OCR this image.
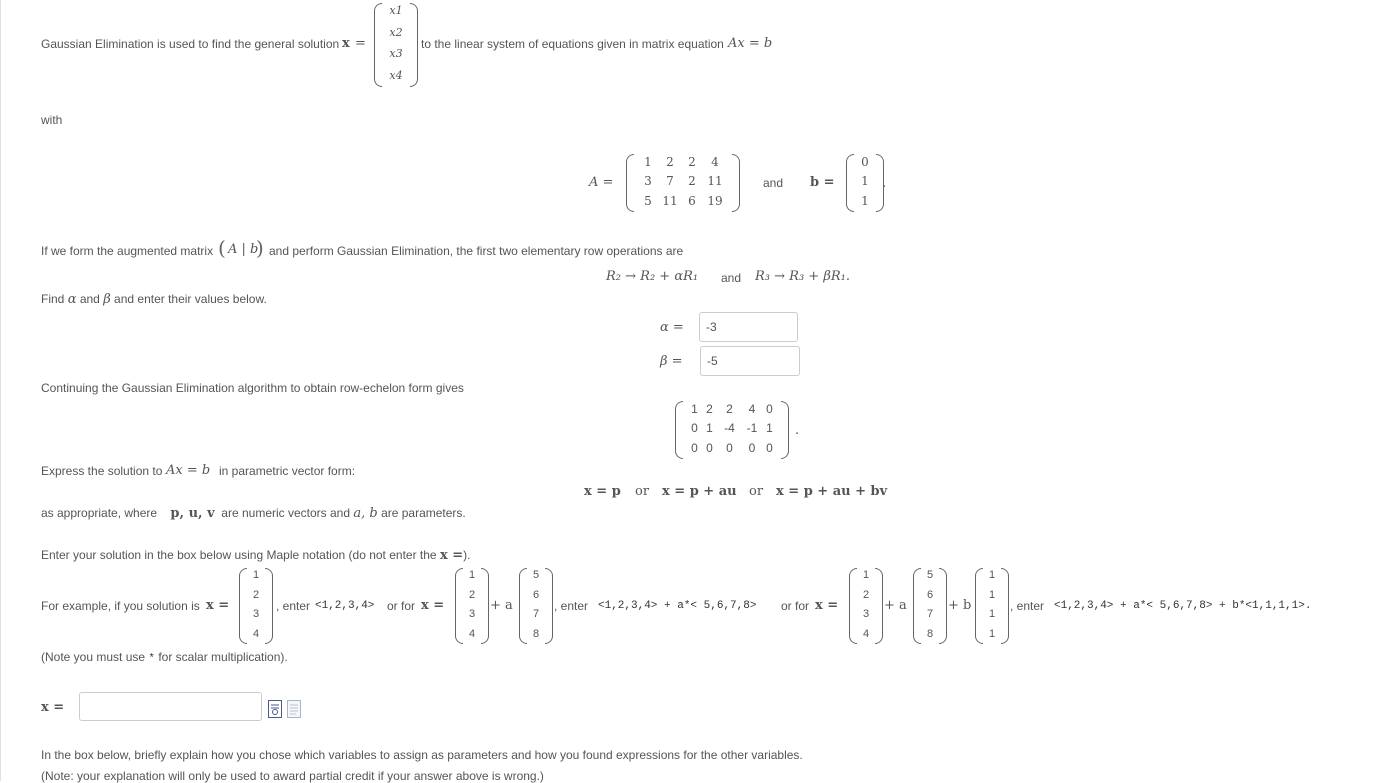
Gaussian Elimination is used to find the general solution x =
x1
x2
x3
x4
to the linear system of equations given in matrix equation Ax = b
with
A =
1	2	2	4
3	7	2 11
5 11 6 19
and b =
0
1
1
.
If we form the augmented matrix ( A | b
) and perform Gaussian Elimination, the first two elementary row operations are
R₂ → R₂ + αR₁ and R₃ → R₃ + βR₁.
Find α and β and enter their values below.
α =
-3
β =
-5
Continuing the Gaussian Elimination algorithm to obtain row-echelon form gives
1 2	2	4 0
0 1 -4 -1 1
0 0	0	0 0
.
Express the solution to Ax = b in parametric vector form:
x = p or x = p + au or x = p + au + bv
as appropriate, where p, u, v are numeric vectors and a, b are parameters.
Enter your solution in the box below using Maple notation (do not enter the x =).
For example, if you solution is x =
1
2
3
4
, enter <1,2,3,4> or for x =
1
2
3
4
+ a
5
6
7
8
, enter <1,2,3,4> + a*< 5,6,7,8> or for x =
1
2
3
4
+ a
5
6
7
8
+ b
1
1
1
1
, enter <1,2,3,4> + a*< 5,6,7,8> + b*<1,1,1,1>.
(Note you must use * for scalar multiplication).
x =
In the box below, briefly explain how you chose which variables to assign as parameters and how you found expressions for the other variables.
(Note: your explanation will only be used to award partial credit if your answer above is wrong.)
